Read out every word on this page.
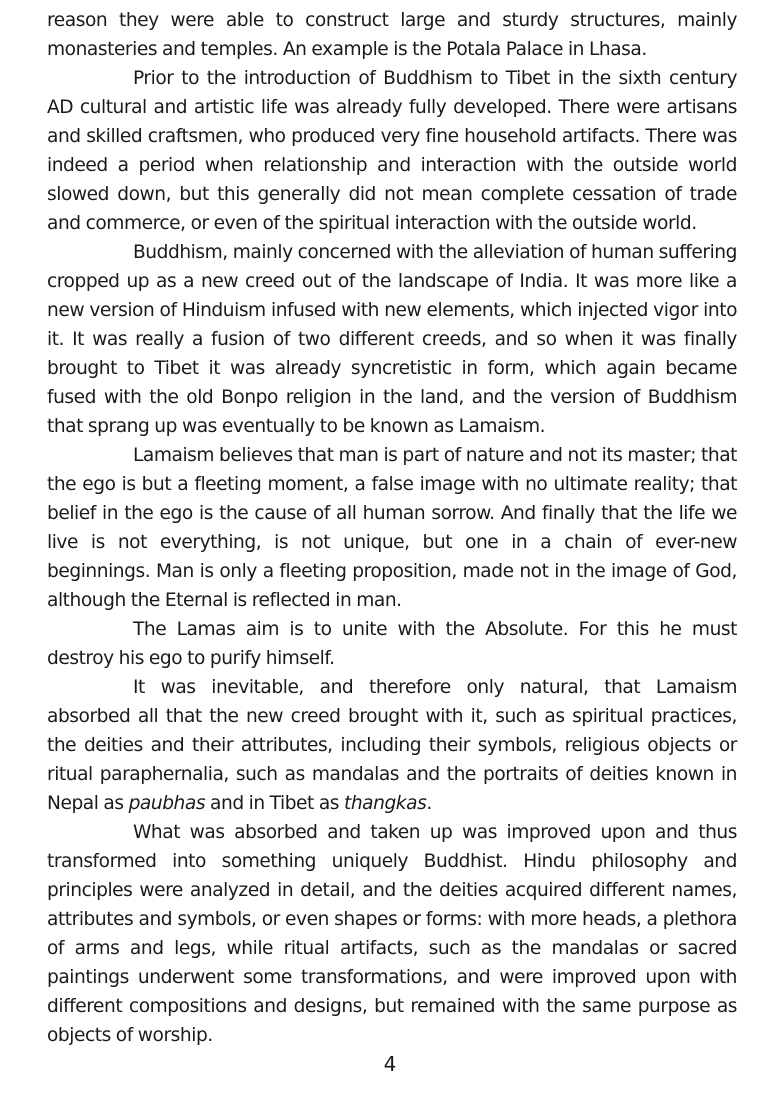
reason they were able to construct large and sturdy structures, mainly monasteries and temples. An example is the Potala Palace in Lhasa.

Prior to the introduction of Buddhism to Tibet in the sixth century AD cultural and artistic life was already fully developed. There were artisans and skilled craftsmen, who produced very fine household artifacts. There was indeed a period when relationship and interaction with the outside world slowed down, but this generally did not mean complete cessation of trade and commerce, or even of the spiritual interaction with the outside world.

Buddhism, mainly concerned with the alleviation of human suffering cropped up as a new creed out of the landscape of India. It was more like a new version of Hinduism infused with new elements, which injected vigor into it. It was really a fusion of two different creeds, and so when it was finally brought to Tibet it was already syncretistic in form, which again became fused with the old Bonpo religion in the land, and the version of Buddhism that sprang up was eventually to be known as Lamaism.

Lamaism believes that man is part of nature and not its master; that the ego is but a fleeting moment, a false image with no ultimate reality; that belief in the ego is the cause of all human sorrow. And finally that the life we live is not everything, is not unique, but one in a chain of ever-new beginnings. Man is only a fleeting proposition, made not in the image of God, although the Eternal is reflected in man.

The Lamas aim is to unite with the Absolute. For this he must destroy his ego to purify himself.

It was inevitable, and therefore only natural, that Lamaism absorbed all that the new creed brought with it, such as spiritual practices, the deities and their attributes, including their symbols, religious objects or ritual paraphernalia, such as mandalas and the portraits of deities known in Nepal as paubhas and in Tibet as thangkas.

What was absorbed and taken up was improved upon and thus transformed into something uniquely Buddhist. Hindu philosophy and principles were analyzed in detail, and the deities acquired different names, attributes and symbols, or even shapes or forms: with more heads, a plethora of arms and legs, while ritual artifacts, such as the mandalas or sacred paintings underwent some transformations, and were improved upon with different compositions and designs, but remained with the same purpose as objects of worship.

4
